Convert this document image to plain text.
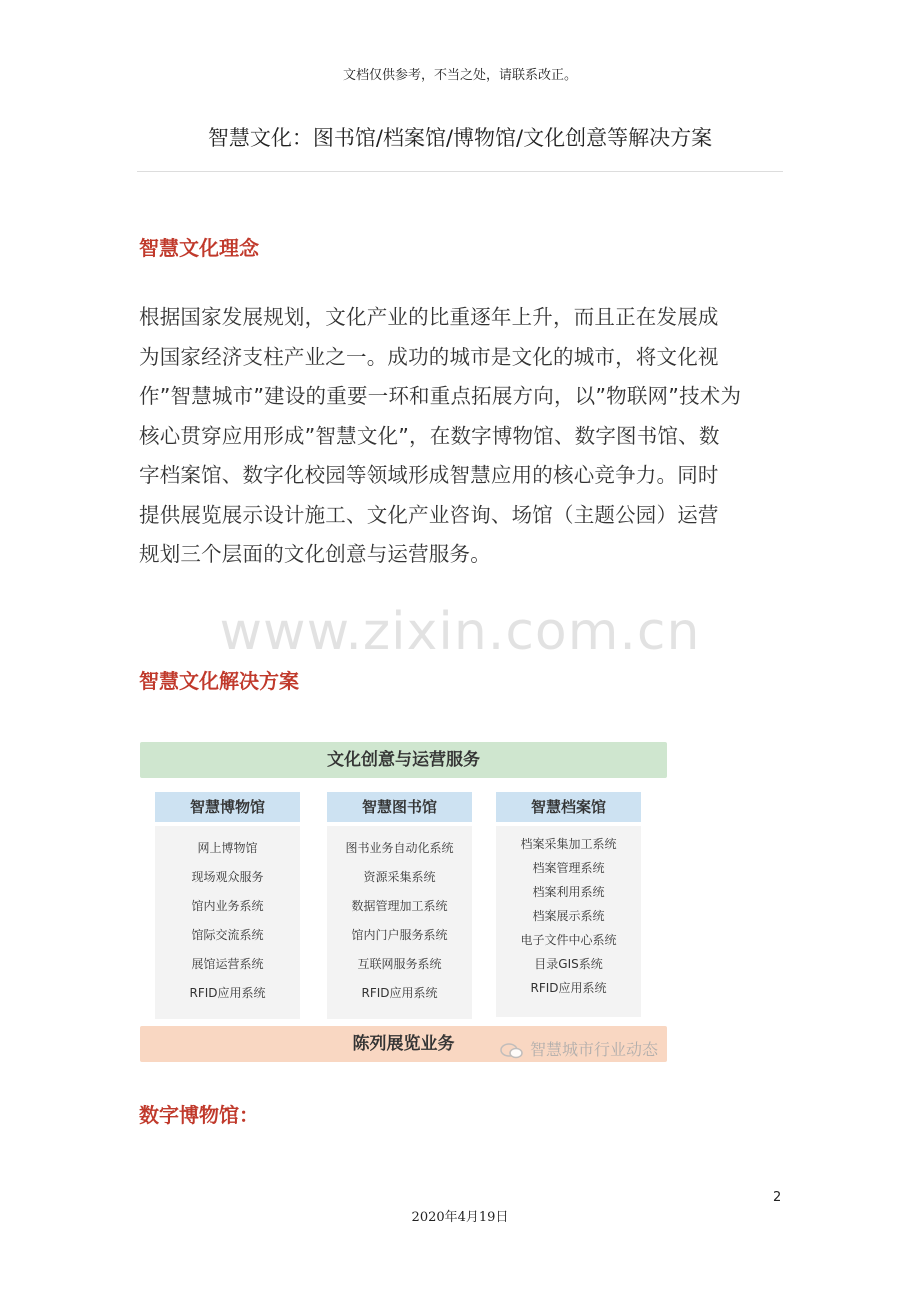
文档仅供参考，不当之处，请联系改正。
智慧文化：图书馆/档案馆/博物馆/文化创意等解决方案
智慧文化理念
根据国家发展规划，文化产业的比重逐年上升，而且正在发展成
为国家经济支柱产业之一。成功的城市是文化的城市，将文化视
作”智慧城市”建设的重要一环和重点拓展方向，以”物联网”技术为
核心贯穿应用形成”智慧文化”，在数字博物馆、数字图书馆、数
字档案馆、数字化校园等领域形成智慧应用的核心竞争力。同时
提供展览展示设计施工、文化产业咨询、场馆（主题公园）运营
规划三个层面的文化创意与运营服务。
www.zixin.com.cn
智慧文化解决方案
文化创意与运营服务
智慧博物馆
网上博物馆
现场观众服务
馆内业务系统
馆际交流系统
展馆运营系统
RFID应用系统
智慧图书馆
图书业务自动化系统
资源采集系统
数据管理加工系统
馆内门户服务系统
互联网服务系统
RFID应用系统
智慧档案馆
档案采集加工系统
档案管理系统
档案利用系统
档案展示系统
电子文件中心系统
目录GIS系统
RFID应用系统
陈列展览业务	智慧城市行业动态
数字博物馆：
2
2020年4月19日
